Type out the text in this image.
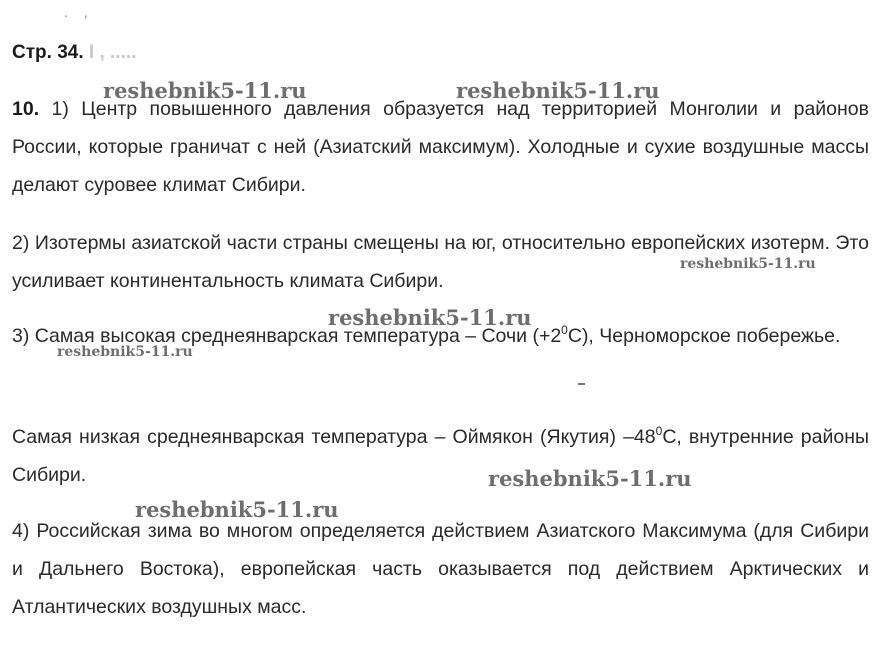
. ,
Стр. 34. Ι , .....
10. 1) Центр повышенного давления образуется над территорией Монголии и районов России, которые граничат с ней (Азиатский максимум). Холодные и сухие воздушные массы делают суровее климат Сибири.
2) Изотермы азиатской части страны смещены на юг, относительно европейских изотерм. Это усиливает континентальность климата Сибири.
3) Самая высокая среднеянварская температура – Сочи $(+2^0С)$, Черноморское побережье.
Самая низкая среднеянварская температура – Оймякон (Якутия) $-48^0С$, внутренние районы Сибири.
4) Российская зима во многом определяется действием Азиатского Максимума (для Сибири и Дальнего Востока), европейская часть оказывается под действием Арктических и Атлантических воздушных масс.
reshebnik5-11.ru	reshebnik5-11.ru
reshebnik5-11.ru
reshebnik5-11.ru
reshebnik5-11.ru
reshebnik5-11.ru
reshebnik5-11.ru
